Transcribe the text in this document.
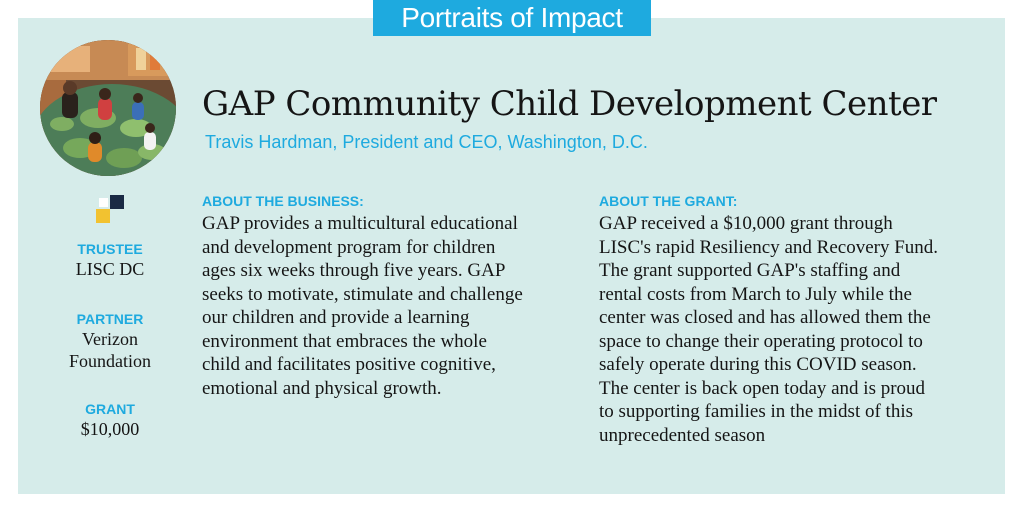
Portraits of Impact
GAP Community Child Development Center
Travis Hardman, President and CEO, Washington, D.C.
TRUSTEE
LISC DC
PARTNER
Verizon
Foundation
GRANT
$10,000
ABOUT THE BUSINESS:
GAP provides a multicultural educational
and development program for children
ages six weeks through five years. GAP
seeks to motivate, stimulate and challenge
our children and provide a learning
environment that embraces the whole
child and facilitates positive cognitive,
emotional and physical growth.
ABOUT THE GRANT:
GAP received a $10,000 grant through
LISC's rapid Resiliency and Recovery Fund.
The grant supported GAP's staffing and
rental costs from March to July while the
center was closed and has allowed them the
space to change their operating protocol to
safely operate during this COVID season.
The center is back open today and is proud
to supporting families in the midst of this
unprecedented season
